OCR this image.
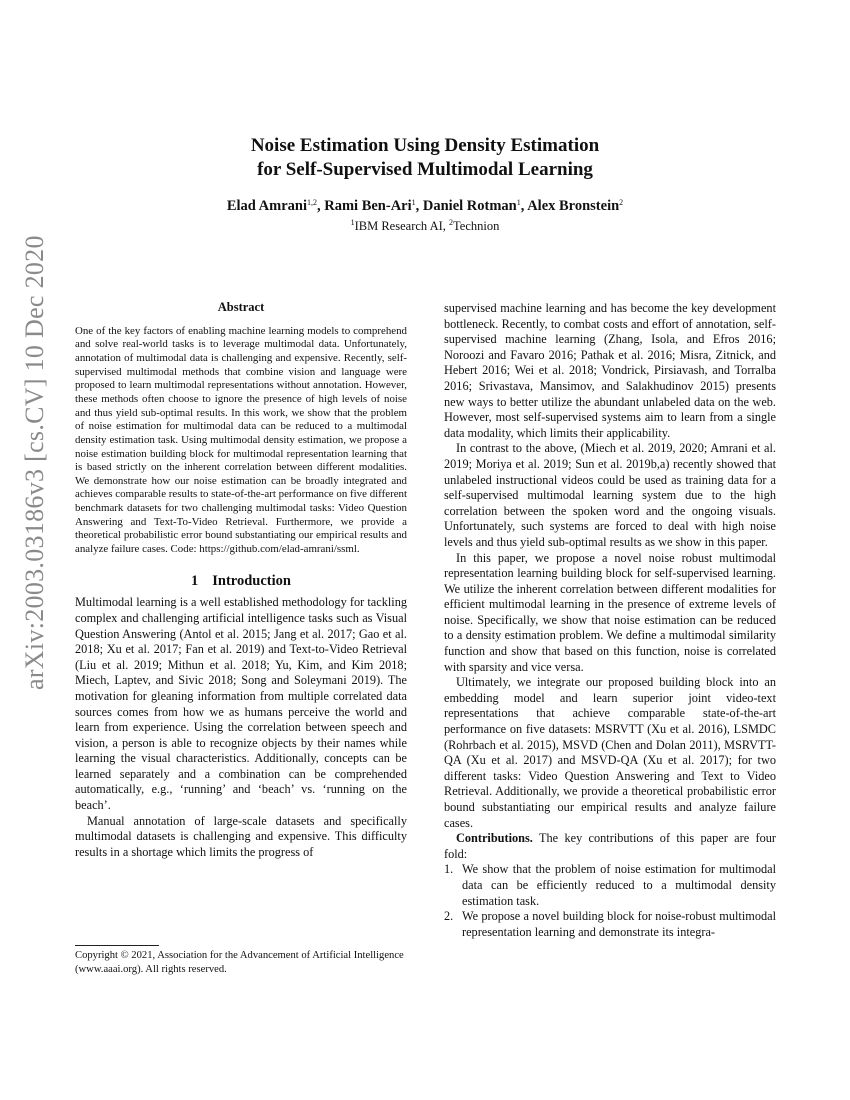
arXiv:2003.03186v3 [cs.CV] 10 Dec 2020
Noise Estimation Using Density Estimation
for Self-Supervised Multimodal Learning
Elad Amrani$^{1,2}$, Rami Ben-Ari$^1$, Daniel Rotman$^1$, Alex Bronstein$^2$
$^1$IBM Research AI, $^2$Technion
Abstract

One of the key factors of enabling machine learning models to comprehend and solve real-world tasks is to leverage multimodal data. Unfortunately, annotation of multimodal data is challenging and expensive. Recently, self-supervised multimodal methods that combine vision and language were proposed to learn multimodal representations without annotation. However, these methods often choose to ignore the presence of high levels of noise and thus yield sub-optimal results. In this work, we show that the problem of noise estimation for multimodal data can be reduced to a multimodal density estimation task. Using multimodal density estimation, we propose a noise estimation building block for multimodal representation learning that is based strictly on the inherent correlation between different modalities. We demonstrate how our noise estimation can be broadly integrated and achieves comparable results to state-of-the-art performance on five different benchmark datasets for two challenging multimodal tasks: Video Question Answering and Text-To-Video Retrieval. Furthermore, we provide a theoretical probabilistic error bound substantiating our empirical results and analyze failure cases. Code: https://github.com/elad-amrani/ssml.

1 Introduction

Multimodal learning is a well established methodology for tackling complex and challenging artificial intelligence tasks such as Visual Question Answering (Antol et al. 2015; Jang et al. 2017; Gao et al. 2018; Xu et al. 2017; Fan et al. 2019) and Text-to-Video Retrieval (Liu et al. 2019; Mithun et al. 2018; Yu, Kim, and Kim 2018; Miech, Laptev, and Sivic 2018; Song and Soleymani 2019). The motivation for gleaning information from multiple correlated data sources comes from how we as humans perceive the world and learn from experience. Using the correlation between speech and vision, a person is able to recognize objects by their names while learning the visual characteristics. Additionally, concepts can be learned separately and a combination can be comprehended automatically, e.g., ‘running’ and ‘beach’ vs. ‘running on the beach’.

Manual annotation of large-scale datasets and specifically multimodal datasets is challenging and expensive. This difficulty results in a shortage which limits the progress of

Copyright © 2021, Association for the Advancement of Artificial Intelligence (www.aaai.org). All rights reserved.

supervised machine learning and has become the key development bottleneck. Recently, to combat costs and effort of annotation, self-supervised machine learning (Zhang, Isola, and Efros 2016; Noroozi and Favaro 2016; Pathak et al. 2016; Misra, Zitnick, and Hebert 2016; Wei et al. 2018; Vondrick, Pirsiavash, and Torralba 2016; Srivastava, Mansimov, and Salakhudinov 2015) presents new ways to better utilize the abundant unlabeled data on the web. However, most self-supervised systems aim to learn from a single data modality, which limits their applicability.

In contrast to the above, (Miech et al. 2019, 2020; Amrani et al. 2019; Moriya et al. 2019; Sun et al. 2019b,a) recently showed that unlabeled instructional videos could be used as training data for a self-supervised multimodal learning system due to the high correlation between the spoken word and the ongoing visuals. Unfortunately, such systems are forced to deal with high noise levels and thus yield sub-optimal results as we show in this paper.

In this paper, we propose a novel noise robust multimodal representation learning building block for self-supervised learning. We utilize the inherent correlation between different modalities for efficient multimodal learning in the presence of extreme levels of noise. Specifically, we show that noise estimation can be reduced to a density estimation problem. We define a multimodal similarity function and show that based on this function, noise is correlated with sparsity and vice versa.

Ultimately, we integrate our proposed building block into an embedding model and learn superior joint video-text representations that achieve comparable state-of-the-art performance on five datasets: MSRVTT (Xu et al. 2016), LSMDC (Rohrbach et al. 2015), MSVD (Chen and Dolan 2011), MSRVTT-QA (Xu et al. 2017) and MSVD-QA (Xu et al. 2017); for two different tasks: Video Question Answering and Text to Video Retrieval. Additionally, we provide a theoretical probabilistic error bound substantiating our empirical results and analyze failure cases.

Contributions. The key contributions of this paper are four fold:

1. We show that the problem of noise estimation for multimodal data can be efficiently reduced to a multimodal density estimation task.
2. We propose a novel building block for noise-robust multimodal representation learning and demonstrate its integra-
